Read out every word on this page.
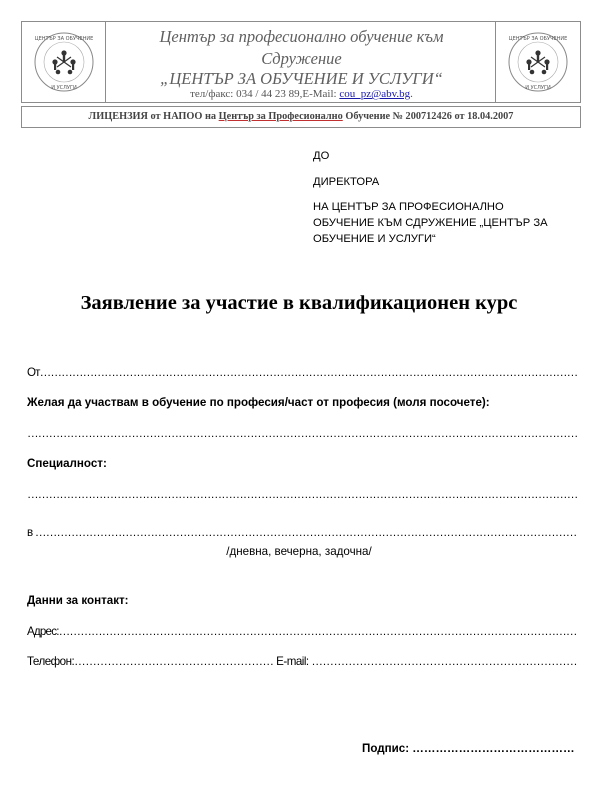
ЦЕНТЪР ЗА ОБУЧЕНИЕ
И УСЛУГИ
Център за професионално обучение към
Сдружение
„ЦЕНТЪР ЗА ОБУЧЕНИЕ И УСЛУГИ“
тел/факс: 034 / 44 23 89,E-Mail: cou_pz@abv.bg.
ЦЕНТЪР ЗА ОБУЧЕНИЕ
И УСЛУГИ
ЛИЦЕНЗИЯ от НАПОО на Център за Професионално Обучение № 200712426 от 18.04.2007
ДО
ДИРЕКТОРА
НА ЦЕНТЪР ЗА ПРОФЕСИОНАЛНО
ОБУЧЕНИЕ КЪМ СДРУЖЕНИЕ „ЦЕНТЪР ЗА
ОБУЧЕНИЕ И УСЛУГИ“
Заявление за участие в квалификационен курс
От……………………………………………………………………………………………………………………………………
Желая да участвам в обучение по професия/част от професия (моля посочете):
………………………………………………………………………………………………………………………………………
Специалност:
………………………………………………………………………………………………………………………………………
в ……………………………………………………………………………………………………………………………………
/дневна, вечерна, задочна/
Данни за контакт:
Адрес:………………………………………………………………………………………………………………………………
Телефон:……………………………………………… E-mail: ………………………………………………………………
Подпис: ……………………………………
